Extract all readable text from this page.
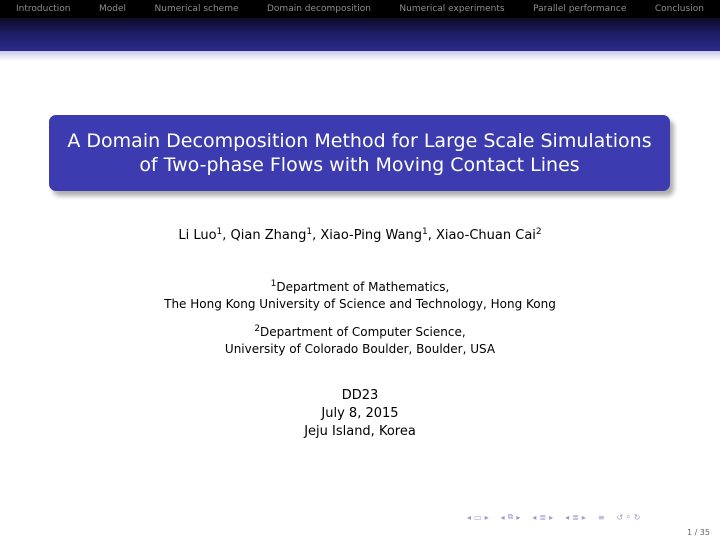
Introduction	Model	Numerical scheme	Domain decomposition	Numerical experiments	Parallel performance	Conclusion
A Domain Decomposition Method for Large Scale Simulations
of Two-phase Flows with Moving Contact Lines
Li Luo$^1$, Qian Zhang$^1$, Xiao-Ping Wang$^1$, Xiao-Chuan Cai$^2$
$^1$Department of Mathematics,
The Hong Kong University of Science and Technology, Hong Kong
$^2$Department of Computer Science,
University of Colorado Boulder, Boulder, USA
DD23
July 8, 2015
Jeju Island, Korea
◂ ▭ ▸ ◂ ⧉ ▸ ◂ ≣ ▸ ◂ ≣ ▸ ≡ ↺ ⌕ ↻
1 / 35
